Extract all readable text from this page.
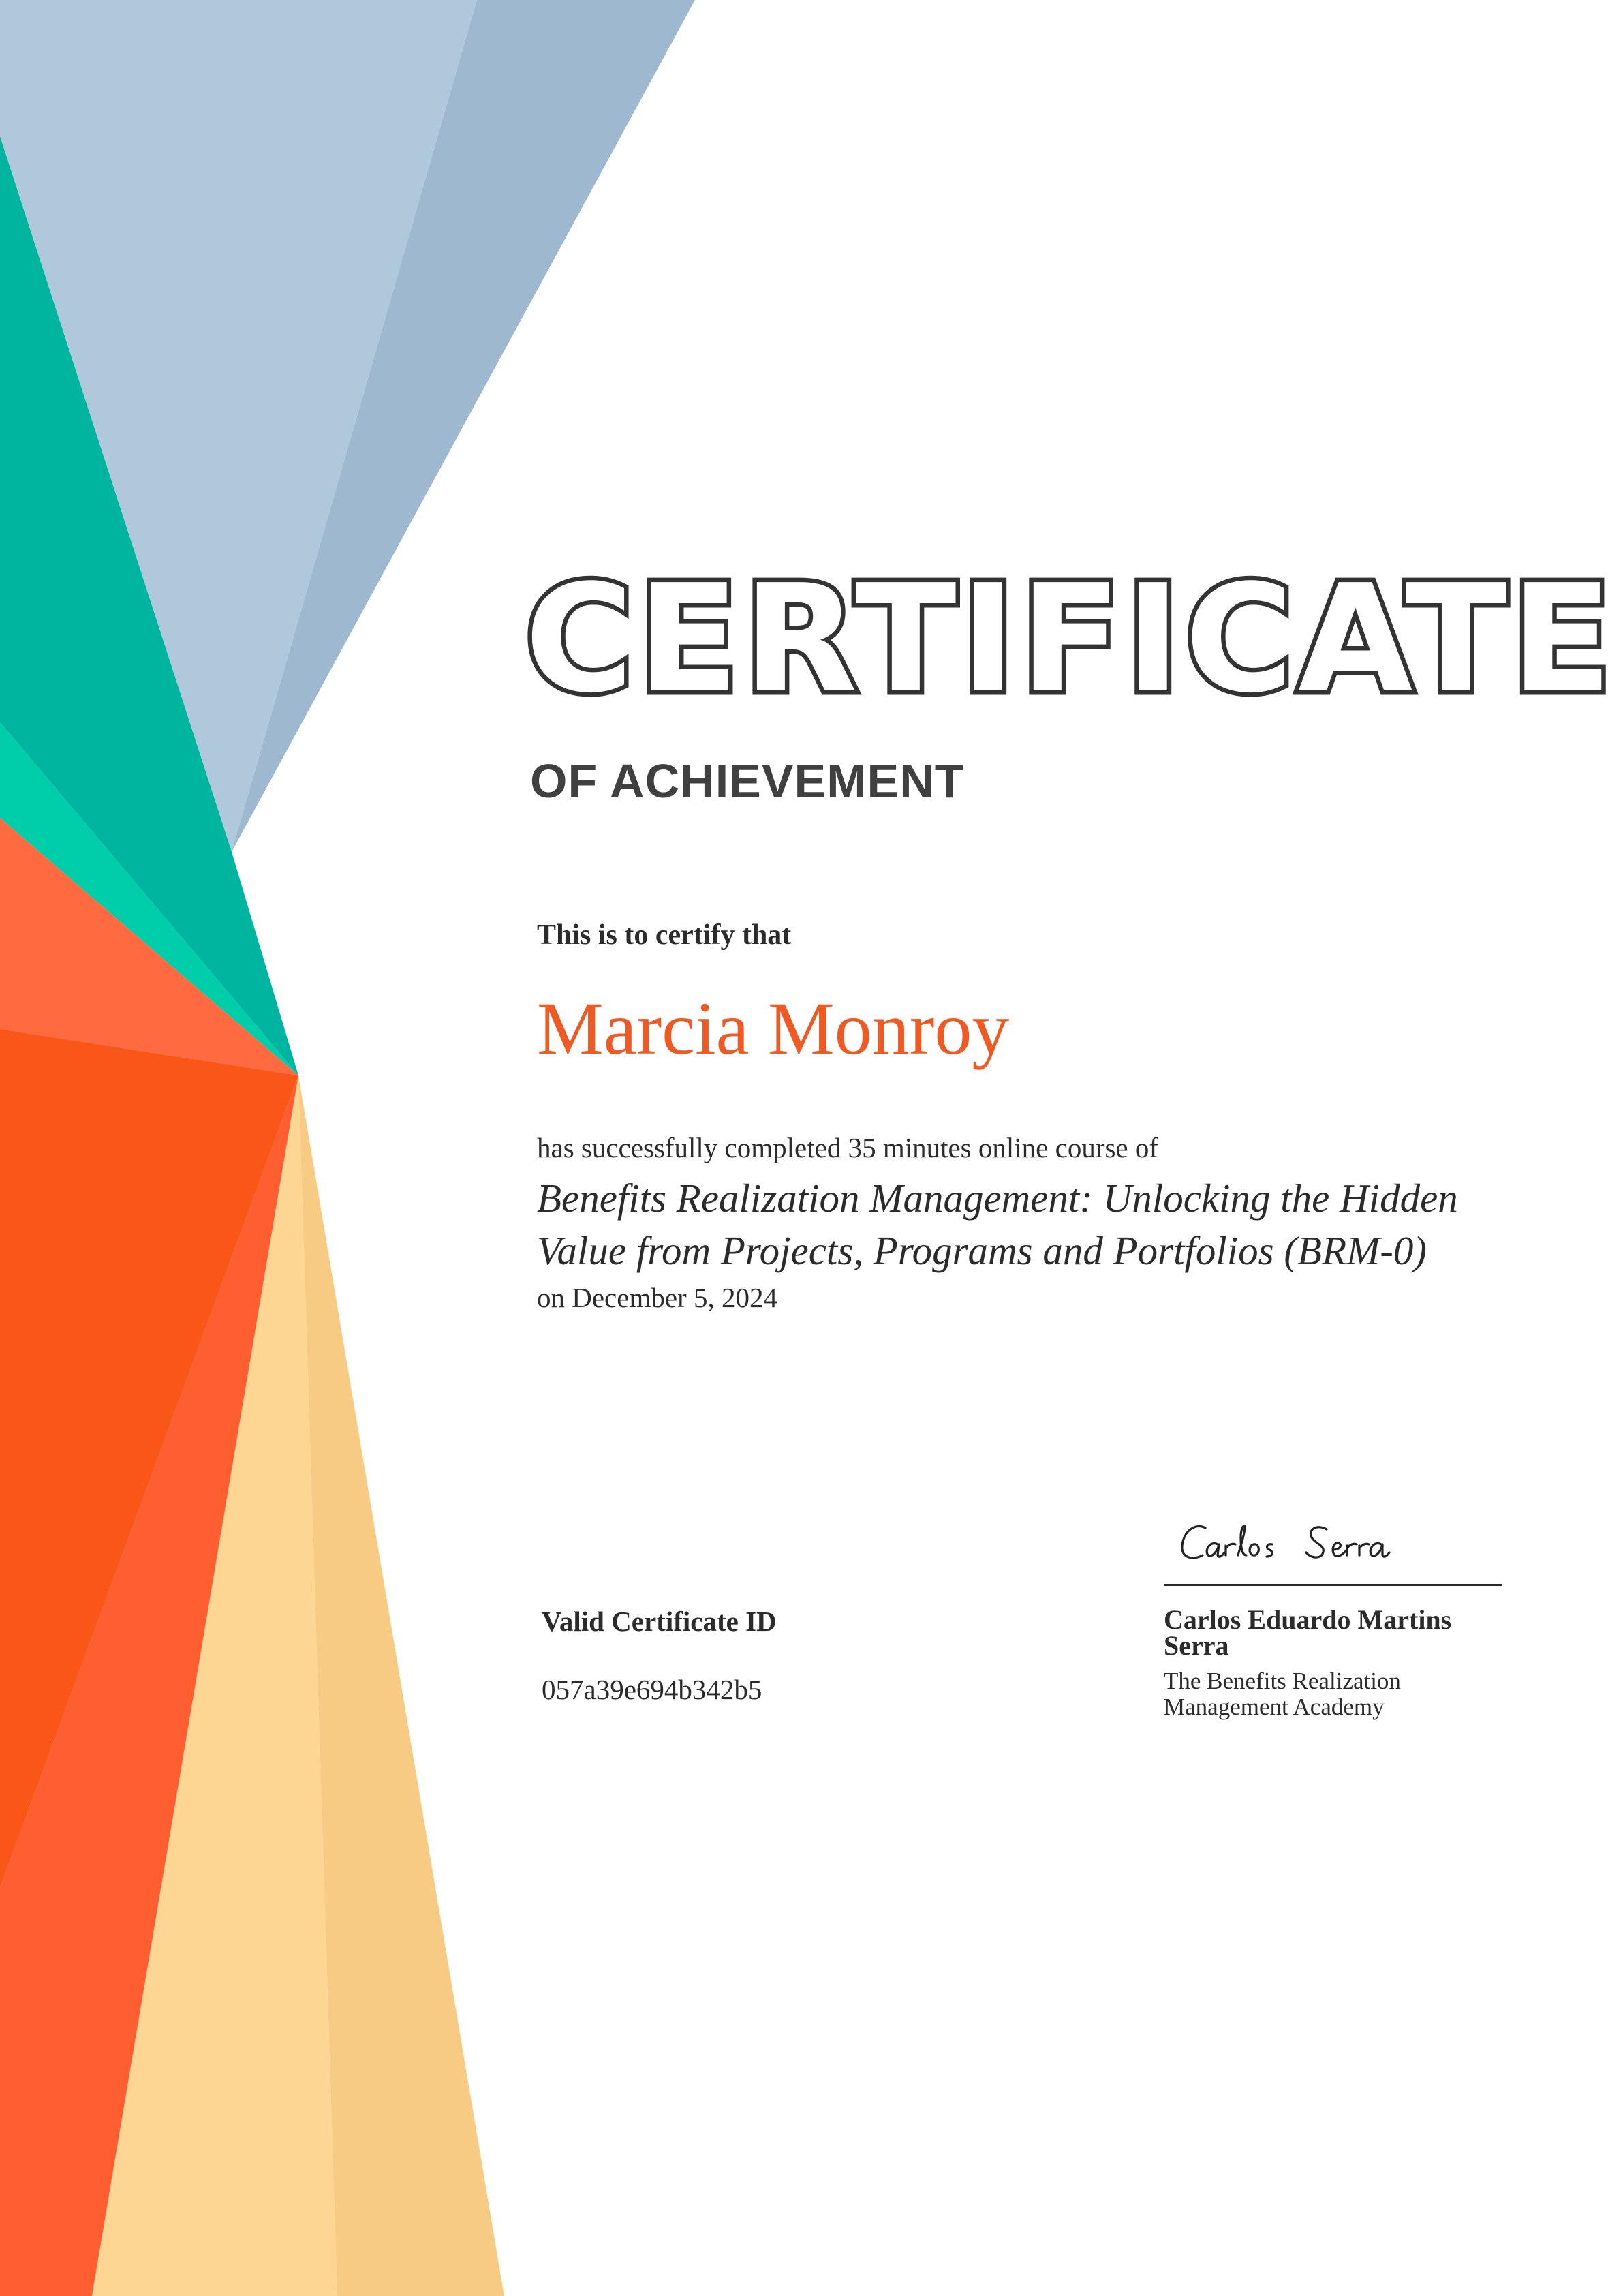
CERTIFICATE
OF ACHIEVEMENT
This is to certify that
Marcia Monroy
has successfully completed 35 minutes online course of
Benefits Realization Management: Unlocking the Hidden Value from Projects, Programs and Portfolios (BRM-0)
on December 5, 2024
Valid Certificate ID
057a39e694b342b5
Carlos Eduardo Martins Serra
The Benefits Realization Management Academy
